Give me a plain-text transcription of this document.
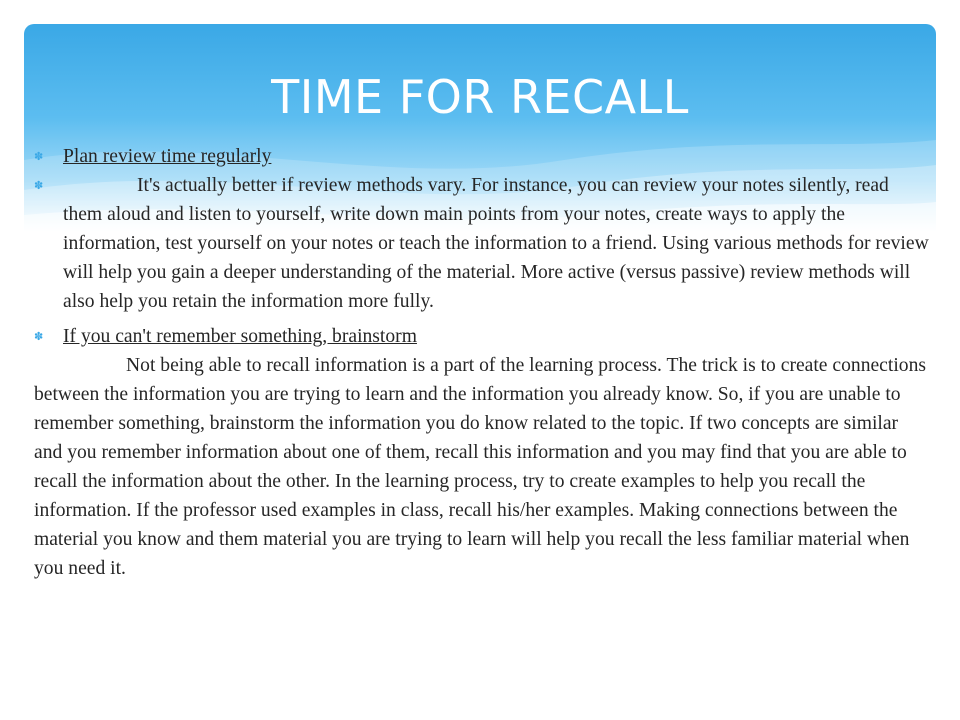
TIME FOR RECALL
✽	Plan review time regularly
✽	It's actually better if review methods vary. For instance, you can review your notes silently, read them aloud and listen to yourself, write down main points from your notes, create ways to apply the information, test yourself on your notes or teach the information to a friend. Using various methods for review will help you gain a deeper understanding of the material. More active (versus passive) review methods will also help you retain the information more fully.
✽	If you can't remember something, brainstorm
Not being able to recall information is a part of the learning process. The trick is to create connections between the information you are trying to learn and the information you already know. So, if you are unable to remember something, brainstorm the information you do know related to the topic. If two concepts are similar and you remember information about one of them, recall this information and you may find that you are able to recall the information about the other. In the learning process, try to create examples to help you recall the information. If the professor used examples in class, recall his/her examples. Making connections between the material you know and them material you are trying to learn will help you recall the less familiar material when you need it.
